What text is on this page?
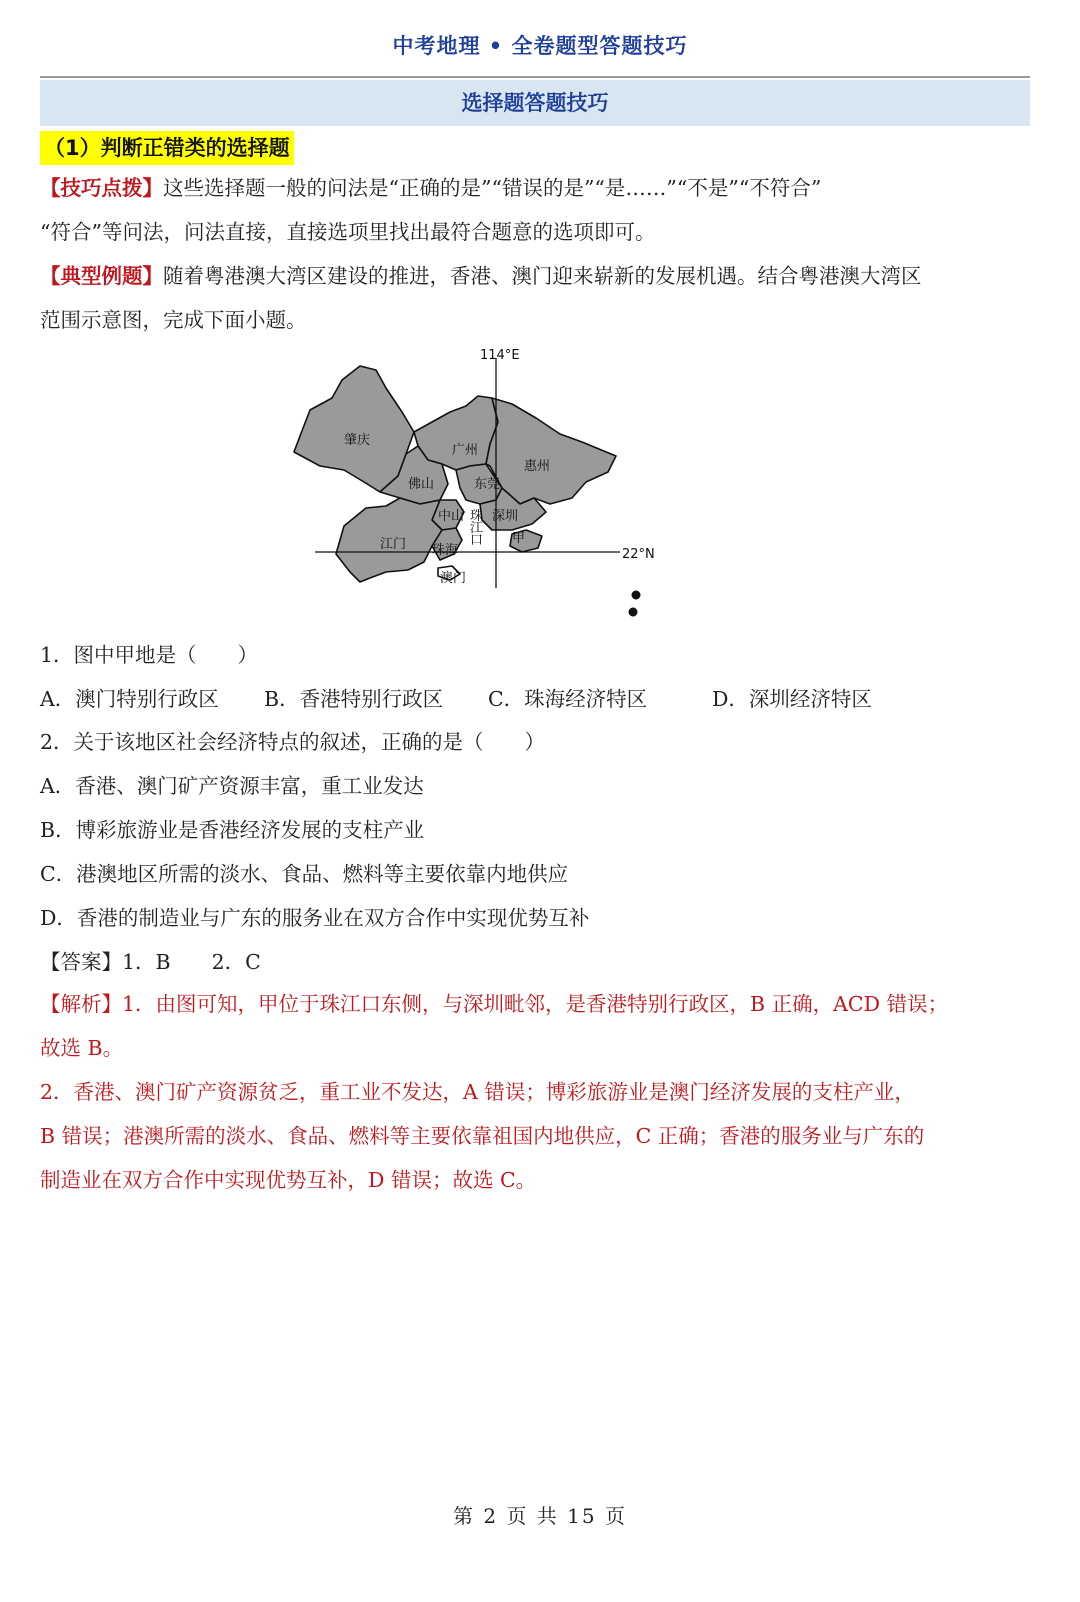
中考地理 • 全卷题型答题技巧
选择题答题技巧
（1）判断正错类的选择题
【技巧点拨】这些选择题一般的问法是“正确的是”“错误的是”“是……”“不是”“不符合”
“符合”等问法，问法直接，直接选项里找出最符合题意的选项即可。
【典型例题】随着粤港澳大湾区建设的推进，香港、澳门迎来崭新的发展机遇。结合粤港澳大湾区
范围示意图，完成下面小题。
114°E
22°N
肇庆
广州
惠州
佛山	东莞
中山 珠
江
口
深圳
甲
江门 珠海
澳门
1．图中甲地是（　　）
A．澳门特别行政区 B．香港特别行政区 C．珠海经济特区	D．深圳经济特区
2．关于该地区社会经济特点的叙述，正确的是（　　）
A．香港、澳门矿产资源丰富，重工业发达
B．博彩旅游业是香港经济发展的支柱产业
C．港澳地区所需的淡水、食品、燃料等主要依靠内地供应
D．香港的制造业与广东的服务业在双方合作中实现优势互补
【答案】1．B　　2．C
【解析】1．由图可知，甲位于珠江口东侧，与深圳毗邻，是香港特别行政区，B 正确，ACD 错误；
故选 B。
2．香港、澳门矿产资源贫乏，重工业不发达，A 错误；博彩旅游业是澳门经济发展的支柱产业，
B 错误；港澳所需的淡水、食品、燃料等主要依靠祖国内地供应，C 正确；香港的服务业与广东的
制造业在双方合作中实现优势互补，D 错误；故选 C。
第 2 页 共 15 页
